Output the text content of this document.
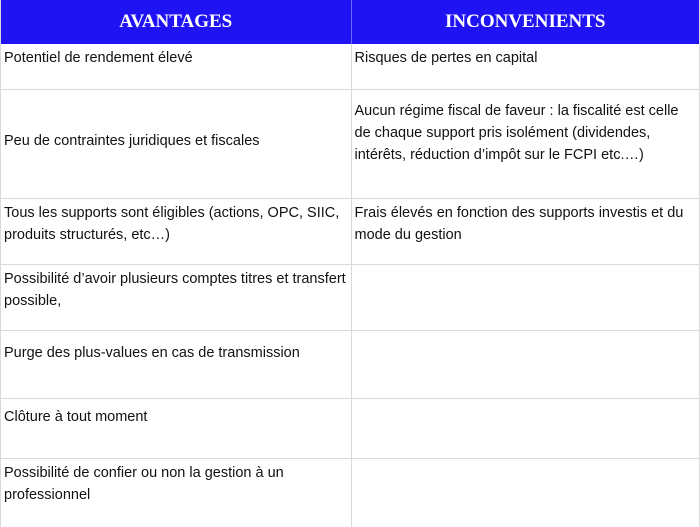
AVANTAGES	INCONVENIENTS
Potentiel de rendement élevé	Risques de pertes en capital
Peu de contraintes juridiques et fiscales
Aucun régime fiscal de faveur : la fiscalité est celle de chaque support pris isolément (dividendes, intérêts, réduction d’impôt sur le FCPI etc.…)
Tous les supports sont éligibles (actions, OPC, SIIC, produits structurés, etc…)
Frais élevés en fonction des supports investis et du mode du gestion
Possibilité d’avoir plusieurs comptes titres et transfert possible,
Purge des plus-values en cas de transmission
Clôture à tout moment
Possibilité de confier ou non la gestion à un professionnel
